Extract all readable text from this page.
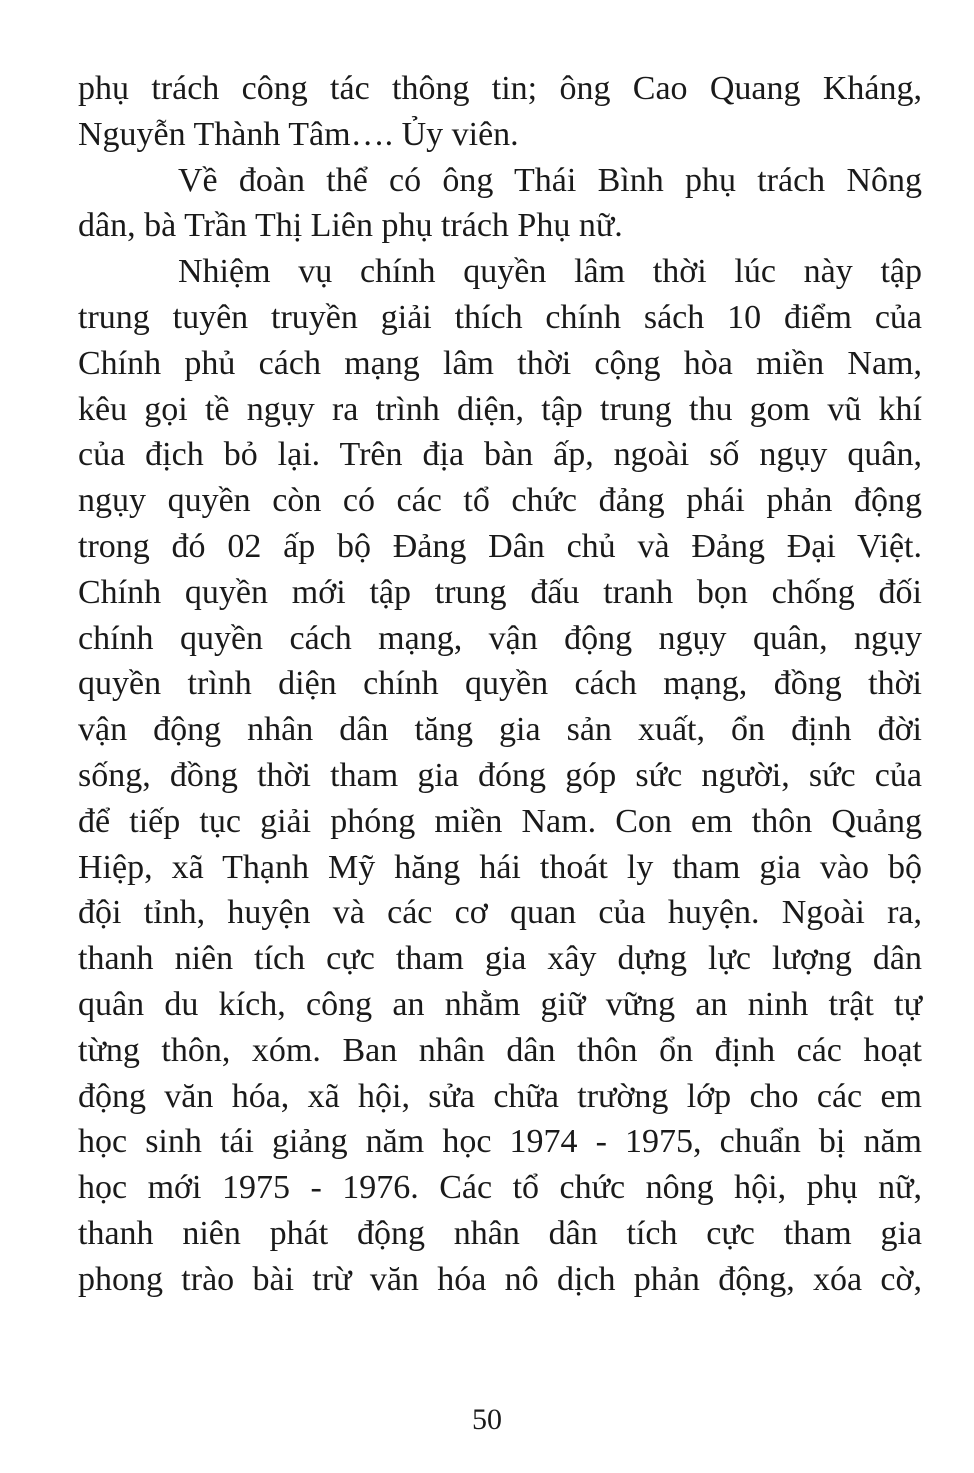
phụ trách công tác thông tin; ông Cao Quang Kháng,
Nguyễn Thành Tâm…. Ủy viên.
Về đoàn thể có ông Thái Bình phụ trách Nông
dân, bà Trần Thị Liên phụ trách Phụ nữ.
Nhiệm vụ chính quyền lâm thời lúc này tập
trung tuyên truyền giải thích chính sách 10 điểm của
Chính phủ cách mạng lâm thời cộng hòa miền Nam,
kêu gọi tề ngụy ra trình diện, tập trung thu gom vũ khí
của địch bỏ lại. Trên địa bàn ấp, ngoài số ngụy quân,
ngụy quyền còn có các tổ chức đảng phái phản động
trong đó 02 ấp bộ Đảng Dân chủ và Đảng Đại Việt.
Chính quyền mới tập trung đấu tranh bọn chống đối
chính quyền cách mạng, vận động ngụy quân, ngụy
quyền trình diện chính quyền cách mạng, đồng thời
vận động nhân dân tăng gia sản xuất, ổn định đời
sống, đồng thời tham gia đóng góp sức người, sức của
để tiếp tục giải phóng miền Nam. Con em thôn Quảng
Hiệp, xã Thạnh Mỹ hăng hái thoát ly tham gia vào bộ
đội tỉnh, huyện và các cơ quan của huyện. Ngoài ra,
thanh niên tích cực tham gia xây dựng lực lượng dân
quân du kích, công an nhằm giữ vững an ninh trật tự
từng thôn, xóm. Ban nhân dân thôn ổn định các hoạt
động văn hóa, xã hội, sửa chữa trường lớp cho các em
học sinh tái giảng năm học 1974 - 1975, chuẩn bị năm
học mới 1975 - 1976. Các tổ chức nông hội, phụ nữ,
thanh niên phát động nhân dân tích cực tham gia
phong trào bài trừ văn hóa nô dịch phản động, xóa cờ,
50
